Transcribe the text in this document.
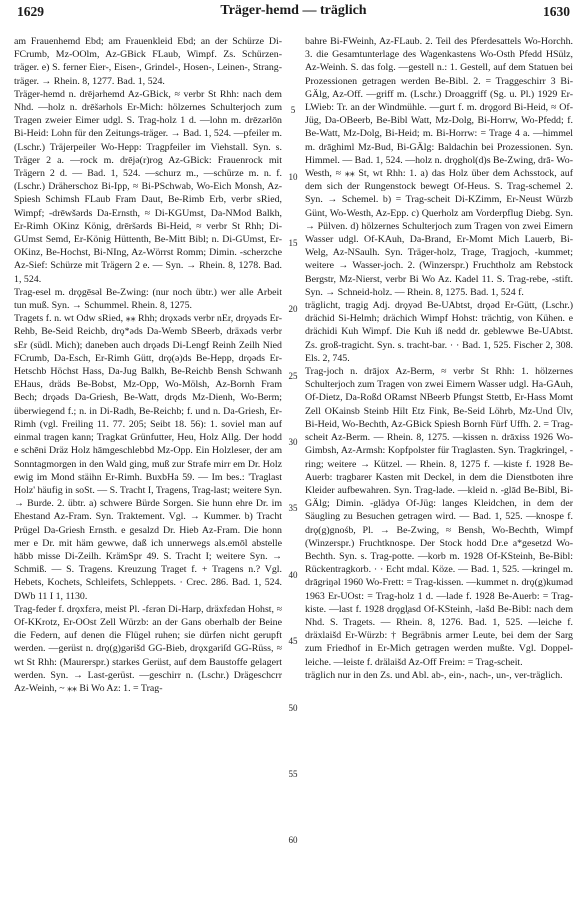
1629	Träger-hemd — träglich	1630

am Frauenhemd Ebd; am Frauenkleid Ebd; an der Schürze Di-FCrumb, Mz-OOlm, Az-GBick FLaub, Wimpf. Zs. Schürzen-träger. e) S. ferner Eier-, Eisen-, Grindel-, Hosen-, Leinen-, Strang-träger. → Rhein. 8, 1277. Bad. 1, 524.

Träger-hemd n. drējərhemd Az-GBick, ≈ verbr St Rhh: nach dem Nhd. —holz n. drēs̆ərhols Er-Mich: hölzernes Schulterjoch zum Tragen zweier Eimer udgl. S. Trag-holz 1 d. —lohn m. drēzərlōn Bi-Heid: Lohn für den Zeitungs-träger. → Bad. 1, 524. —pfeiler m. (Lschr.) Träjerpeiler Wo-Hepp: Tragpfeiler im Viehstall. Syn. s. Träger 2 a. —rock m. drējə(r)rog Az-GBick: Frauenrock mit Trägern 2 d. — Bad. 1, 524. —schurz m., —schürze m. n. f. (Lschr.) Dräherschoz Bi-Ipp, ≈ Bi-PSchwab, Wo-Eich Monsh, Az-Spiesh Schimsh FLaub Fram Daut, Be-Rimb Erb, verbr sRied, Wimpf; -drēwšərds Da-Ernsth, ≈ Di-KGUmst, Da-NMod Balkh, Er-Rimh OKinz König, drērs̆ərds Bi-Heid, ≈ verbr St Rhh; Di-GUmst Semd, Er-König Hüttenth, Be-Mitt Bibl; n. Di-GUmst, Er-OKinz, Be-Hochst, Bi-NIng, Az-Wörrst Romm; Dimin. -scherzche Az-Sief: Schürze mit Trägern 2 e. — Syn. → Rhein. 8, 1278. Bad. 1, 524.

Trag-esel m. drǫgēsəl Be-Zwing: (nur noch übtr.) wer alle Arbeit tun muß. Syn. → Schummel. Rhein. 8, 1275.

Tragets f. n. wt Odw sRied, ⁎⁎ Rhh; drǫxəds verbr nEr, drǫyəds Er-Rehb, Be-Seid Reichb, drǫ*əds Da-Wemb SBeerb, dräxəds verbr sEr (südl. Mich); daneben auch drǫəds Di-Lengf Reinh Zeilh Nied FCrumb, Da-Esch, Er-Rimh Gütt, drǫ(ə)ds Be-Hepp, drǫəds Er-Hetschb Höchst Hass, Da-Jug Balkh, Be-Reichb Bensh Schwanh EHaus, dräds Be-Bobst, Mz-Opp, Wo-Mölsh, Az-Bornh Fram Bech; drǫəds Da-Griesh, Be-Watt, drǫds Mz-Dienh, Wo-Berm; überwiegend f.; n. in Di-Radh, Be-Reichb; f. und n. Da-Griesh, Er-Rimh (vgl. Freiling 11. 77. 205; Seibt 18. 56): 1. soviel man auf einmal tragen kann; Tragkat Grünfutter, Heu, Holz Allg. Der hodd e schēni Dräz Holz hāmgeschlebbd Mz-Opp. Ein Holzleser, der am Sonntagmorgen in den Wald ging, muß zur Strafe mirr em Dr. Holz ewig im Mond stäihn Er-Rimh. BuxbHa 59. — Im bes.: 'Traglast Holz' häufig in soSt. — S. Tracht I, Tragens, Trag-last; weitere Syn. → Burde. 2. übtr. a) schwere Bürde Sorgen. Sie hunn ehre Dr. im Ehestand Az-Fram. Syn. Traktement. Vgl. → Kummer. b) Tracht Prügel Da-Griesh Ernsth. e gesalzd Dr. Hieb Az-Fram. Die honn mer e Dr. mit häm gewwe, daß ich unnerwegs als.emōl abstelle hābb misse Di-Zeilh. KrämSpr 49. S. Tracht I; weitere Syn. → Schmiß. — S. Tragens. Kreuzung Traget f. + Tragens n.? Vgl. Hebets, Kochets, Schleifets, Schleppets. · Crec. 286. Bad. 1, 524. DWb 11 I 1, 1130.

Trag-feder f. drǫxfɛrə, meist Pl. -fɛrən Di-Harp, dräxfɛdən Hohst, ≈ Of-KKrotz, Er-OOst Zell Würzb: an der Gans oberhalb der Beine die Federn, auf denen die Flügel ruhen; sie dürfen nicht gerupft werden. —gerüst n. drǫ(g)gərišd GG-Bieb, drǫxgəriſd GG-Rüss, ≈ wt St Rhh: (Maurerspr.) starkes Gerüst, auf dem Baustoffe gelagert werden. Syn. → Last-gerüst. —geschirr n. (Lschr.) Drägeschcrr Az-Weinh, ~ ⁎⁎ Bi Wo Az: 1. = Trag-

5
10
15
20
25
30
35
40
45
50
55
60

bahre Bi-FWeinh, Az-FLaub. 2. Teil des Pferdesattels Wo-Horchh. 3. die Gesamtunterlage des Wagenkastens Wo-Osth Pfedd HSülz, Az-Weinh. S. das folg. —gestell n.: 1. Gestell, auf dem Statuen bei Prozessionen getragen werden Be-Bibl. 2. = Traggeschirr 3 Bi-GÄlg, Az-Off. —griff m. (Lschr.) Droaggriff (Sg. u. Pl.) 1929 Er-LWieb: Tr. an der Windmühle. —gurt f. m. drǫgord Bi-Heid, ≈ Of-Jüg, Da-OBeerb, Be-Bibl Watt, Mz-Dolg, Bi-Horrw, Wo-Pfedd; f. Be-Watt, Mz-Dolg, Bi-Heid; m. Bi-Horrw: = Trage 4 a. —himmel m. drāghiml Mz-Bud, Bi-GÄlg: Baldachin bei Prozessionen. Syn. Himmel. — Bad. 1, 524. —holz n. drǫghol(d)s Be-Zwing, drā- Wo-Westh, ≈ ⁎⁎ St, wt Rhh: 1. a) das Holz über dem Achsstock, auf dem sich der Rungenstock bewegt Of-Heus. S. Trag-schemel 2. Syn. → Schemel. b) = Trag-scheit Di-KZimm, Er-Neust Würzb Günt, Wo-Westh, Az-Epp. c) Querholz am Vorderpflug Diebg. Syn. → Pülven. d) hölzernes Schulterjoch zum Tragen von zwei Eimern Wasser udgl. Of-KAuh, Da-Brand, Er-Momt Mich Lauerb, Bi-Welg, Az-NSaulh. Syn. Träger-holz, Trage, Tragjoch, -kummet; weitere → Wasser-joch. 2. (Winzerspr.) Fruchtholz am Rebstock Bergstr, Mz-Nierst, verbr Bi Wo Az. Kadel 11. S. Trag-rebe, -stift. Syn. → Schneid-holz. — Rhein. 8, 1275. Bad. 1, 524 f.

träglicht, tragig Adj. drǫyəd Be-UAbtst, drǫəd Er-Gütt, (Lschr.) drächid Si-Helmh; drächich Wimpf Hohst: trächtig, von Kühen. e drächidi Kuh Wimpf. Die Kuh iß nedd dr. geblewwe Be-UAbtst. Zs. groß-tragicht. Syn. s. tracht-bar. · · Bad. 1, 525. Fischer 2, 308. Els. 2, 745.

Trag-joch n. drājox Az-Berm, ≈ verbr St Rhh: 1. hölzernes Schulterjoch zum Tragen von zwei Eimern Wasser udgl. Ha-GAuh, Of-Dietz, Da-Roßd ORamst NBeerb Pfungst Stettb, Er-Hass Momt Zell OKainsb Steinb Hilt Etz Fink, Be-Seid Löhrb, Mz-Und Ülv, Bi-Heid, Wo-Bechth, Az-GBick Spiesh Bornh Fürf Uffh. 2. = Trag-scheit Az-Berm. — Rhein. 8, 1275. —kissen n. drāxiss 1926 Wo-Gimbsh, Az-Armsh: Kopfpolster für Traglasten. Syn. Tragkringel, -ring; weitere → Kützel. — Rhein. 8, 1275 f. —kiste f. 1928 Be-Auerb: tragbarer Kasten mit Deckel, in dem die Dienstboten ihre Kleider aufbewahren. Syn. Trag-lade. —kleid n. -glād Be-Bibl, Bi-GÄlg; Dimin. -glädyə Of-Jüg: langes Kleidchen, in dem der Säugling zu Besuchen getragen wird. — Bad. 1, 525. —knospe f. drǫ(g)gnośb, Pl. → Be-Zwing, ≈ Bensh, Wo-Bechth, Wimpf (Winzerspr.) Fruchtknospe. Der Stock hodd Dr.e a*gesetzd Wo-Bechth. Syn. s. Trag-potte. —korb m. 1928 Of-KSteinh, Be-Bibl: Rückentragkorb. · · Echt mdal. Köze. — Bad. 1, 525. —kringel m. drāgriŋəl 1960 Wo-Frett: = Trag-kissen. —kummet n. drǫ(g)kumǝd 1963 Er-UOst: = Trag-holz 1 d. —lade f. 1928 Be-Auerb: = Trag-kiste. —last f. 1928 drǫgl̥asd Of-KSteinh, -lašd Be-Bibl: nach dem Nhd. S. Tragets. — Rhein. 8, 1276. Bad. 1, 525. —leiche f. dräxlaišd Er-Würzb: † Begräbnis armer Leute, bei dem der Sarg zum Friedhof in Er-Mich getragen werden mußte. Vgl. Doppel-leiche. —leiste f. drälaišd Az-Off Freim: = Trag-scheit.

träglich nur in den Zs. und Abl. ab-, ein-, nach-, un-, ver-träglich.
